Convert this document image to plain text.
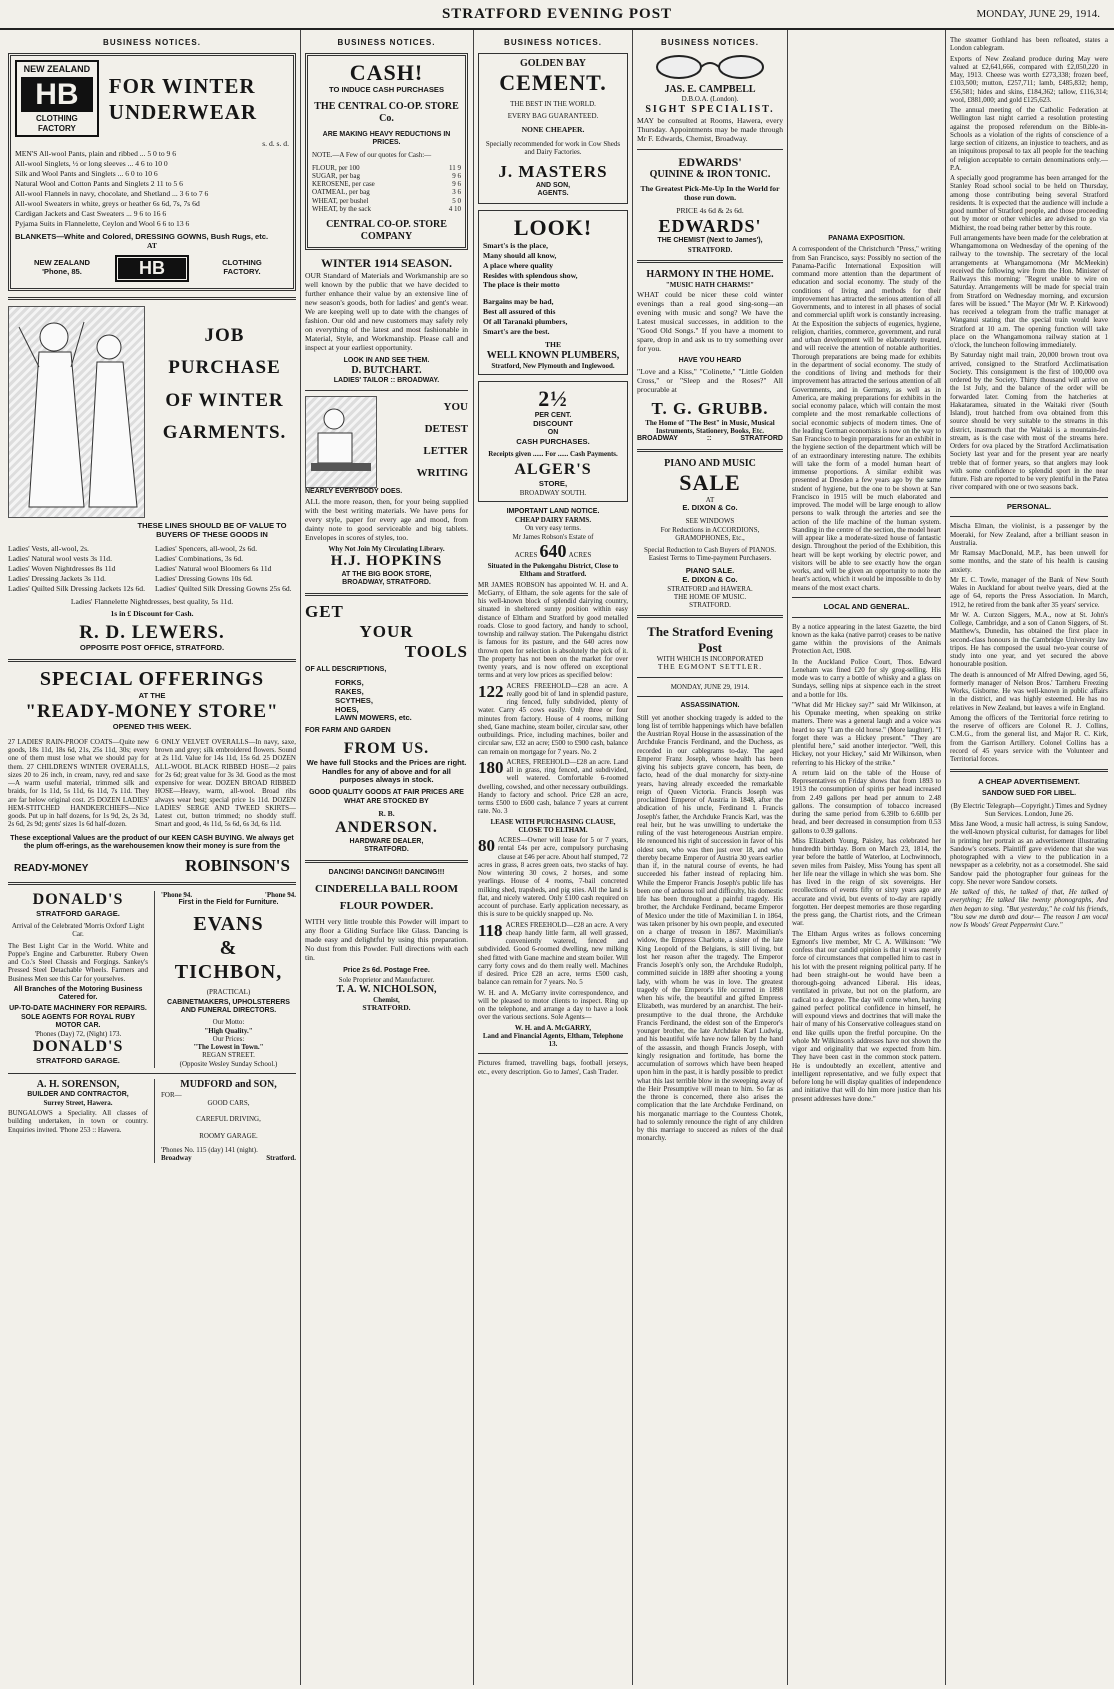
STRATFORD EVENING POST	MONDAY, JUNE 29, 1914.
BUSINESS NOTICES.
NEW ZEALAND
HB
CLOTHING FACTORY
FOR WINTER UNDERWEAR
s. d. s. d.
MEN'S All-wool Pants, plain and ribbed ... 5 0 to 9 6
All-wool Singlets, ½ or long sleeves ... 4 6 to 10 0
Silk and Wool Pants and Singlets ... 6 0 to 10 6
Natural Wool and Cotton Pants and Singlets 2 11 to 5 6
All-wool Flannels in navy, chocolate, and Shetland ... 3 6 to 7 6
All-wool Sweaters in white, greys or heather 6s 6d, 7s, 7s 6d
Cardigan Jackets and Cast Sweaters ... 9 6 to 16 6
Pyjama Suits in Flannelette, Ceylon and Wool 6 6 to 13 6
BLANKETS—White and Colored, DRESSING GOWNS, Bush Rugs, etc.
AT
NEW ZEALAND 'Phone, 85.	HB	CLOTHING FACTORY.
JOB PURCHASE OF WINTER GARMENTS.
THESE LINES SHOULD BE OF VALUE TO BUYERS OF THESE GOODS IN
Ladies' Vests, all-wool, 2s.
Ladies' Natural wool vests 3s 11d.
Ladies' Woven Nightdresses 8s 11d
Ladies' Dressing Jackets 3s 11d.
Ladies' Quilted Silk Dressing Jackets 12s 6d.
Ladies' Spencers, all-wool, 2s 6d.
Ladies' Combinations, 3s 6d.
Ladies' Natural wool Bloomers 6s 11d
Ladies' Dressing Gowns 10s 6d.
Ladies' Quilted Silk Dressing Gowns 25s 6d.
Ladies' Flannelette Nightdresses, best quality, 5s 11d.
1s in £ Discount for Cash.
R. D. LEWERS.
OPPOSITE POST OFFICE, STRATFORD.
SPECIAL OFFERINGS
AT THE
"READY-MONEY STORE"
OPENED THIS WEEK.
27 LADIES' RAIN-PROOF COATS—Quite new goods, 18s 11d, 18s 6d, 21s, 25s 11d, 30s; every one of them must lose what we should pay for them. 27 CHILDREN'S WINTER OVERALLS, sizes 20 to 26 inch, in cream, navy, red and saxe—A warm useful material, trimmed silk and braids, for 1s 11d, 5s 11d, 6s 11d, 7s 11d. They are far below original cost. 25 DOZEN LADIES' HEM-STITCHED HANDKERCHIEFS—Nice goods. Put up in half dozens, for 1s 9d, 2s, 2s 3d, 2s 6d, 2s 9d; gents' sizes 1s 6d half-dozen.
6 ONLY VELVET OVERALLS—In navy, saxe, brown and grey; silk embroidered flowers. Sound at 2s 11d. Value for 14s 11d, 15s 6d. 25 DOZEN ALL-WOOL BLACK RIBBED HOSE—2 pairs for 2s 6d; great value for 3s 3d. Good as the most expensive for wear. DOZEN BROAD RIBBED HOSE—Heavy, warm, all-wool. Broad ribs always wear best; special price 1s 11d. DOZEN LADIES' SERGE AND TWEED SKIRTS—Latest cut, button trimmed; no shoddy stuff. Smart and good, 4s 11d, 5s 6d, 6s 3d, 6s 11d.
These exceptional Values are the product of our KEEN CASH BUYING. We always get the plum off-erings, as the warehousemen know their money is sure from the
READY-MONEY	ROBINSON'S
DONALD'S
STRATFORD GARAGE.
Arrival of the Celebrated 'Morris Oxford' Light Car.
The Best Light Car in the World. White and Poppe's Engine and Carburetter. Rubery Owen and Co.'s Steel Chassis and Forgings. Sankey's Pressed Steel Detachable Wheels. Farmers and Business Men see this Car for yourselves.
All Branches of the Motoring Business Catered for.
UP-TO-DATE MACHINERY FOR REPAIRS.
SOLE AGENTS FOR ROYAL RUBY MOTOR CAR.
'Phones (Day) 72, (Night) 173.
DONALD'S
STRATFORD GARAGE.
'Phone 94.	'Phone 94.
First in the Field for Furniture.
EVANS
&
TICHBON,
(PRACTICAL)
CABINETMAKERS, UPHOLSTERERS AND FUNERAL DIRECTORS.
Our Motto:
"High Quality."
Our Prices:
"The Lowest in Town."
REGAN STREET.
(Opposite Wesley Sunday School.)
A. H. SORENSON,
BUILDER AND CONTRACTOR,
Surrey Street, Hawera.
BUNGALOWS a Speciality. All classes of building undertaken, in town or country. Enquiries invited. 'Phone 253 :: Hawera.
MUDFORD and SON,
FOR—
GOOD CARS,

CAREFUL DRIVING,

ROOMY GARAGE.
'Phones No. 115 (day) 141 (night).
Broadway	Stratford.
BUSINESS NOTICES.
CASH!
TO INDUCE CASH PURCHASES
THE CENTRAL CO-OP. STORE Co.
ARE MAKING HEAVY REDUCTIONS IN PRICES.
NOTE.—A Few of our quotes for Cash:—
FLOUR, per 100	11 9
SUGAR, per bag	9 6
KEROSENE, per case	9 6
OATMEAL, per bag	3 6
WHEAT, per bushel	5 0
WHEAT, by the sack	4 10
CENTRAL CO-OP. STORE COMPANY
WINTER 1914 SEASON.
OUR Standard of Materials and Workmanship are so well known by the public that we have decided to further enhance their value by an extensive line of new season's goods, both for ladies' and gent's wear. We are keeping well up to date with the changes of fashion. Our old and new customers may safely rely on everything of the latest and most fashionable in Material, Style, and Workmanship. Please call and inspect at your earliest opportunity.
LOOK IN AND SEE THEM.
D. BUTCHART.
LADIES' TAILOR :: BROADWAY.
YOU
DETEST
LETTER
WRITING
NEARLY EVERYBODY DOES.
ALL the more reason, then, for your being supplied with the best writing materials. We have pens for every style, paper for every age and mood, from dainty note to good serviceable and big tablets. Envelopes in scores of styles, too.
Why Not Join My Circulating Library.
H.J. HOPKINS
AT THE BIG BOOK STORE,
BROADWAY, STRATFORD.
GET
YOUR
TOOLS
OF ALL DESCRIPTIONS,
FORKS,
RAKES,
SCYTHES,
HOES,
LAWN MOWERS, etc.
FOR FARM AND GARDEN
FROM US.
We have full Stocks and the Prices are right. Handles for any of above and for all purposes always in stock.
GOOD QUALITY GOODS AT FAIR PRICES ARE WHAT ARE STOCKED BY
R. B.
ANDERSON.
HARDWARE DEALER,
STRATFORD.
DANCING! DANCING!! DANCING!!!
CINDERELLA BALL ROOM FLOUR POWDER.
WITH very little trouble this Powder will impart to any floor a Gliding Surface like Glass. Dancing is made easy and delightful by using this preparation. No dust from this Powder. Full directions with each tin.
Price 2s 6d. Postage Free.
Sole Proprietor and Manufacturer.
T. A. W. NICHOLSON,
Chemist,
STRATFORD.
BUSINESS NOTICES.
GOLDEN BAY
CEMENT.
THE BEST IN THE WORLD.
EVERY BAG GUARANTEED.
NONE CHEAPER.
Specially recommended for work in Cow Sheds and Dairy Factories.
J. MASTERS
AND SON,
AGENTS.
LOOK!
Smart's is the place,
Many should all know,
A place where quality
Resides with splendous show,
The place is their motto
Bargains may be had,
Best all assured of this
Of all Taranaki plumbers,
Smart's are the best.
THE
WELL KNOWN PLUMBERS,
Stratford, New Plymouth and Inglewood.
2½
PER CENT.
DISCOUNT
ON
CASH PURCHASES.
Receipts given ...... For ...... Cash Payments.
ALGER'S
STORE,
BROADWAY SOUTH.
IMPORTANT LAND NOTICE.
CHEAP DAIRY FARMS.
On very easy terms.
Mr James Robson's Estate of
ACRES 640 ACRES
Situated in the Pukengahu District, Close to Eltham and Stratford.
MR JAMES ROBSON has appointed W. H. and A. McGarry, of Eltham, the sole agents for the sale of his well-known block of splendid dairying country, situated in sheltered sunny position within easy distance of Eltham and Stratford by good metalled roads. Close to good factory, and handy to school, township and railway station. The Pukengahu district is famous for its pasture, and the 640 acres now thrown open for selection is absolutely the pick of it. The property has not been on the market for over twenty years, and is now offered on exceptional terms and at very low prices as specified below:
122 ACRES FREEHOLD—£28 an acre. A really good bit of land in splendid pasture, ring fenced, fully subdivided, plenty of water. Carry 45 cows easily. Only three or four minutes from factory. House of 4 rooms, milking shed, Gane machine, steam boiler, circular saw, other outbuildings. Price, including machines, boiler and circular saw, £32 an acre; £500 to £900 cash, balance can remain on mortgage for 7 years. No. 2
180 ACRES, FREEHOLD—£28 an acre. Land all in grass, ring fenced, and subdivided, well watered. Comfortable 6-roomed dwelling, cowshed, and other necessary outbuildings. Handy to factory and school. Price £28 an acre, terms £500 to £600 cash, balance 7 years at current rate. No. 3
LEASE WITH PURCHASING CLAUSE, CLOSE TO ELTHAM.
80 ACRES—Owner will lease for 5 or 7 years, rental £4s per acre, compulsory purchasing clause at £46 per acre. About half stumped, 72 acres in grass, 8 acres green oats, two stacks of hay. Now wintering 30 cows, 2 horses, and some yearlings. House of 4 rooms, 7-bail concreted milking shed, trapsheds, and pig sties. All the land is flat, and nicely watered. Only £100 cash required on account of purchase. Early application necessary, as this is sure to be quickly snapped up. No.
118 ACRES FREEHOLD—£28 an acre. A very cheap handy little farm, all well grassed, conveniently watered, fenced and subdivided. Good 6-roomed dwelling, new milking shed fitted with Gane machine and steam boiler. Will carry forty cows and do them really well. Machines if desired. Price £28 an acre, terms £500 cash, balance can remain for 7 years. No. 5
W. H. and A. McGarry invite correspondence, and will be pleased to motor clients to inspect. Ring up on the telephone, and arrange a day to have a look over the various sections. Sole Agents—
W. H. and A. McGARRY,
Land and Financial Agents, Eltham, Telephone 13.
Pictures framed, travelling bags, football jerseys, etc., every description. Go to James', Cash Trader.
BUSINESS NOTICES.
JAS. E. CAMPBELL
D.B.O.A. (London).
SIGHT SPECIALIST.
MAY be consulted at Rooms, Hawera, every Thursday. Appointments may be made through Mr F. Edwards, Chemist, Broadway.
EDWARDS'
QUININE & IRON TONIC.
The Greatest Pick-Me-Up In the World for those run down.
PRICE 4s 6d & 2s 6d.
EDWARDS'
THE CHEMIST (Next to James'),
STRATFORD.
HARMONY IN THE HOME.
"MUSIC HATH CHARMS!"
WHAT could be nicer these cold winter evenings than a real good sing-song—an evening with music and song? We have the Latest musical successes, in addition to the "Good Old Songs." If you have a moment to spare, drop in and ask us to try something over for you.
HAVE YOU HEARD
"Love and a Kiss," "Colinette," "Little Golden Cross," or "Sleep and the Roses?" All procurable at
T. G. GRUBB.
The Home of "The Best" in Music, Musical Instruments, Stationery, Books, Etc.
BROADWAY	::	STRATFORD
PIANO AND MUSIC
SALE
AT
E. DIXON & Co.
SEE WINDOWS
For Reductions in ACCORDIONS, GRAMOPHONES, Etc.,
Special Reduction to Cash Buyers of PIANOS.
Easiest Terms to Time-payment Purchasers.
PIANO SALE.
E. DIXON & Co.
STRATFORD and HAWERA.
THE HOME OF MUSIC.
STRATFORD.
The Stratford Evening Post
WITH WHICH IS INCORPORATED
THE EGMONT SETTLER.
MONDAY, JUNE 29, 1914.
ASSASSINATION.
Still yet another shocking tragedy is added to the long list of terrible happenings which have befallen the Austrian Royal House in the assassination of the Archduke Francis Ferdinand, and the Duchess, as recorded in our cablegrams to-day. The aged Emperor Franz Joseph, whose health has been giving his subjects grave concern, has been, de facto, head of the dual monarchy for sixty-nine years, having already exceeded the remarkable reign of Queen Victoria. Francis Joseph was proclaimed Emperor of Austria in 1848, after the abdication of his uncle, Ferdinand I. Francis Joseph's father, the Archduke Francis Karl, was the real heir, but he was unwilling to undertake the ruling of the vast heterogeneous Austrian empire. He renounced his right of succession in favor of his oldest son, who was then just over 18, and who thereby became Emperor of Austria 30 years earlier than if, in the natural course of events, he had succeeded his father instead of replacing him. While the Emperor Francis Joseph's public life has been one of arduous toil and difficulty, his domestic life has been throughout a painful tragedy. His brother, the Archduke Ferdinand, became Emperor of Mexico under the title of Maximilian I. in 1864, was taken prisoner by his own people, and executed on a charge of treason in 1867. Maximilian's widow, the Empress Charlotte, a sister of the late King Leopold of the Belgians, is still living, but lost her reason after the tragedy. The Emperor Francis Joseph's only son, the Archduke Rudolph, committed suicide in 1889 after shooting a young lady, with whom he was in love. The greatest tragedy of the Emperor's life occurred in 1898 when his wife, the beautiful and gifted Empress Elizabeth, was murdered by an anarchist. The heir-presumptive to the dual throne, the Archduke Francis Ferdinand, the eldest son of the Emperor's younger brother, the late Archduke Karl Ludwig, and his beautiful wife have now fallen by the hand of the assassin, and though Francis Joseph, with kingly resignation and fortitude, has borne the accumulation of sorrows which have been heaped upon him in the past, it is hardly possible to predict what this last terrible blow in the sweeping away of the Heir Presumptive will mean to him. So far as the throne is concerned, there also arises the complication that the late Archduke Ferdinand, on his morganatic marriage to the Countess Chotek, had to solemnly renounce the right of any children by this marriage to succeed as rulers of the dual monarchy.
PANAMA EXPOSITION.
A correspondent of the Christchurch "Press," writing from San Francisco, says: Possibly no section of the Panama-Pacific International Exposition will command more attention than the department of education and social economy. The study of the conditions of living and methods for their improvement has attracted the serious attention of all Governments, and to interest in all phases of social and commercial uplift work is constantly increasing. At the Exposition the subjects of eugenics, hygiene, religion, charities, commerce, government, and rural and urban development will be elaborately treated, and will receive the attention of notable authorities. Thorough preparations are being made for exhibits in the department of social economy. The study of the conditions of living and methods for their improvement has attracted the serious attention of all Governments, and in Germany, as well as in America, are making preparations for exhibits in the social economy palace, which will contain the most complete and the most remarkable collections of social economic subjects of modern times. One of the leading German economists is now on the way to San Francisco to begin preparations for an exhibit in the hygiene section of the department which will be of an extraordinary interesting nature. The exhibits will take the form of a model human heart of immense proportions. A similar exhibit was presented at Dresden a few years ago by the same student of hygiene, but the one to be shown at San Francisco in 1915 will be much elaborated and improved. The model will be large enough to allow persons to walk through the arteries and see the action of the life machine of the human system. Standing in the centre of the section, the model heart will appear like a moderate-sized house of fantastic design. Throughout the period of the Exhibition, this heart will be kept working by electric power, and visitors will be able to see exactly how the organ works, and will be given an opportunity to note the heart's action, which it would be impossible to do by means of the most exact charts.
LOCAL AND GENERAL.
By a notice appearing in the latest Gazette, the bird known as the kaka (native parrot) ceases to be native game within the provisions of the Animals Protection Act, 1908.
In the Auckland Police Court, Thos. Edward Leneham was fined £20 for sly grog-selling. His mode was to carry a bottle of whisky and a glass on Sundays, selling nips at sixpence each in the street and a bottle for 10s.
"What did Mr Hickey say?" said Mr Wilkinson, at his Opunake meeting, when speaking on strike matters. There was a general laugh and a voice was heard to say "I am the old horse." (More laughter). "I forget there was a Hickey present." "They are plentiful here," said another interjector. "Well, this Hickey, not your Hickey," said Mr Wilkinson, when referring to his Hickey of the strike."
A return laid on the table of the House of Representatives on Friday shows that from 1893 to 1913 the consumption of spirits per head increased from 2.49 gallons per head per annum to 2.48 gallons. The consumption of tobacco increased during the same period from 6.39lb to 6.60lb per head, and beer decreased in consumption from 0.53 gallons to 0.39 gallons.
Miss Elizabeth Young, Paisley, has celebrated her hundredth birthday. Born on March 23, 1814, the year before the battle of Waterloo, at Lochwinnoch, seven miles from Paisley, Miss Young has spent all her life near the village in which she was born. She has lived in the reign of six sovereigns. Her recollections of events fifty or sixty years ago are accurate and vivid, but events of to-day are rapidly forgotten. Her deepest memories are those regarding the press gang, the Chartist riots, and the Crimean war.
The Eltham Argus writes as follows concerning Egmont's live member, Mr C. A. Wilkinson: "We confess that our candid opinion is that it was merely force of circumstances that compelled him to cast in his lot with the present reigning political party. If he had been straight-out he would have been a thorough-going advanced Liberal. His ideas, ventilated in private, but not on the platform, are radical to a degree. The day will come when, having gained perfect political confidence in himself, he will expound views and doctrines that will make the hair of many of his Conservative colleagues stand on end like quills upon the fretful porcupine. On the whole Mr Wilkinson's addresses have not shown the vigor and originality that we expected from him. They have been cast in the common stock pattern. He is undoubtedly an excellent, attentive and intelligent representative, and we fully expect that before long he will display qualities of independence and initiative that will do him more justice than his present addresses have done."
The steamer Gothland has been refloated, states a London cablegram.
Exports of New Zealand produce during May were valued at £2,641,666, compared with £2,050,220 in May, 1913. Cheese was worth £273,338; frozen beef, £103,500; mutton, £257,711; lamb, £485,832; hemp, £56,581; hides and skins, £184,362; tallow, £116,314; wool, £881,000; and gold £125,623.
The annual meeting of the Catholic Federation at Wellington last night carried a resolution protesting against the proposed referendum on the Bible-in-Schools as a violation of the rights of conscience of a large section of citizens, an injustice to teachers, and as an iniquitous proposal to tax all people for the teaching of religion acceptable to certain denominations only.—P.A.
A specially good programme has been arranged for the Stanley Road school social to be held on Thursday, among those contributing being several Stratford residents. It is expected that the audience will include a good number of Stratford people, and those proceeding out by motor or other vehicles are advised to go via Midhirst, the road being rather better by this route.
Full arrangements have been made for the celebration at Whangamomona on Wednesday of the opening of the railway to the township. The secretary of the local arrangements at Whangamomona (Mr McMeekin) received the following wire from the Hon. Minister of Railways this morning: "Regret unable to wire on Saturday. Arrangements will be made for special train from Stratford on Wednesday morning, and excursion fares will be issued." The Mayor (Mr W. P. Kirkwood) has received a telegram from the traffic manager at Wanganui stating that the special train would leave Stratford at 10 a.m. The opening function will take place on the Whangamomona railway station at 1 o'clock, the luncheon following immediately.
By Saturday night mail train, 20,000 brown trout ova arrived, consigned to the Stratford Acclimatisation Society. This consignment is the first of 100,000 ova ordered by the Society. Thirty thousand will arrive on the 1st July, and the balance of the order will be forwarded later. Coming from the hatcheries at Hakataramea, situated in the Waitaki river (South Island), trout hatched from ova obtained from this source should be very suitable to the streams in this district, inasmuch that the Waitaki is a mountain-fed stream, as is the case with most of the streams here. Orders for ova placed by the Stratford Acclimatisation Society last year and for the present year are nearly treble that of former years, so that anglers may look with some confidence to splendid sport in the near future. Fish are reported to be very plentiful in the Patea river compared with one or two seasons back.
PERSONAL.
Mischa Elman, the violinist, is a passenger by the Moeraki, for New Zealand, after a brilliant season in Australia.
Mr Ramsay MacDonald, M.P., has been unwell for some months, and the state of his health is causing anxiety.
Mr E. C. Towle, manager of the Bank of New South Wales in Auckland for about twelve years, died at the age of 64, reports the Press Association. In March, 1912, he retired from the bank after 35 years' service.
Mr W. A. Curzon Siggers, M.A., now at St. John's College, Cambridge, and a son of Canon Siggers, of St. Matthew's, Dunedin, has obtained the first place in second-class honours in the Cambridge University law tripos. He has composed the usual two-year course of study into one year, and yet secured the above honourable position.
The death is announced of Mr Alfred Dewing, aged 56, formerly manager of Nelson Bros.' Tarnheru Freezing Works, Gisborne. He was well-known in public affairs in the district, and was highly esteemed. He has no relatives in New Zealand, but leaves a wife in England.
Among the officers of the Territorial force retiring to the reserve of officers are Colonel R. J. Collins, C.M.G., from the general list, and Major R. C. Kirk, from the Garrison Artillery. Colonel Collins has a record of 45 years service with the Volunteer and Territorial forces.
A CHEAP ADVERTISEMENT.
SANDOW SUED FOR LIBEL.
(By Electric Telegraph—Copyright.) Times and Sydney Sun Services. London, June 26.
Miss Jane Wood, a music hall actress, is suing Sandow, the well-known physical culturist, for damages for libel in printing her portrait as an advertisement illustrating Sandow's corsets. Plaintiff gave evidence that she was photographed with a view to the publication in a newspaper as a celebrity, not as a corsetmodel. She said Sandow paid the photographer four guineas for the copy. She never wore Sandow corsets.
He talked of this, he talked of that, He talked of everything; He talked like twenty phonographs, And then began to sing. "But yesterday," he cold his friends, "You saw me dumb and dour— The reason I am vocal now Is Woods' Great Peppermint Cure."
